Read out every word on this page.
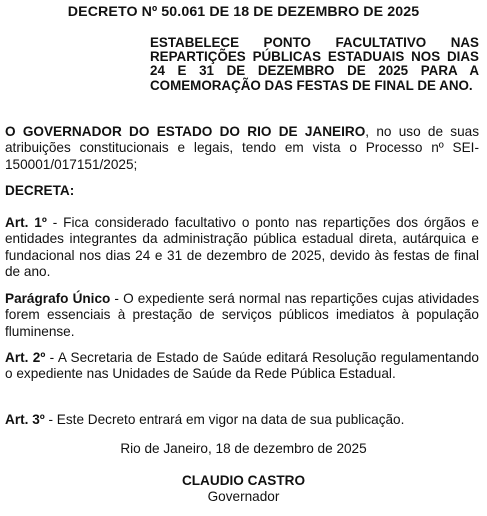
DECRETO Nº 50.061 DE 18 DE DEZEMBRO DE 2025

ESTABELECE PONTO FACULTATIVO NAS REPARTIÇÕES PÚBLICAS ESTADUAIS NOS DIAS 24 E 31 DE DEZEMBRO DE 2025 PARA A COMEMORAÇÃO DAS FESTAS DE FINAL DE ANO.

O GOVERNADOR DO ESTADO DO RIO DE JANEIRO, no uso de suas atribuições constitucionais e legais, tendo em vista o Processo nº SEI-150001/017151/2025;

DECRETA:

Art. 1º - Fica considerado facultativo o ponto nas repartições dos órgãos e entidades integrantes da administração pública estadual direta, autárquica e fundacional nos dias 24 e 31 de dezembro de 2025, devido às festas de final de ano.

Parágrafo Único - O expediente será normal nas repartições cujas atividades forem essenciais à prestação de serviços públicos imediatos à população fluminense.

Art. 2º - A Secretaria de Estado de Saúde editará Resolução regulamentando o expediente nas Unidades de Saúde da Rede Pública Estadual.

Art. 3º - Este Decreto entrará em vigor na data de sua publicação.

Rio de Janeiro, 18 de dezembro de 2025

CLAUDIO CASTRO

Governador
